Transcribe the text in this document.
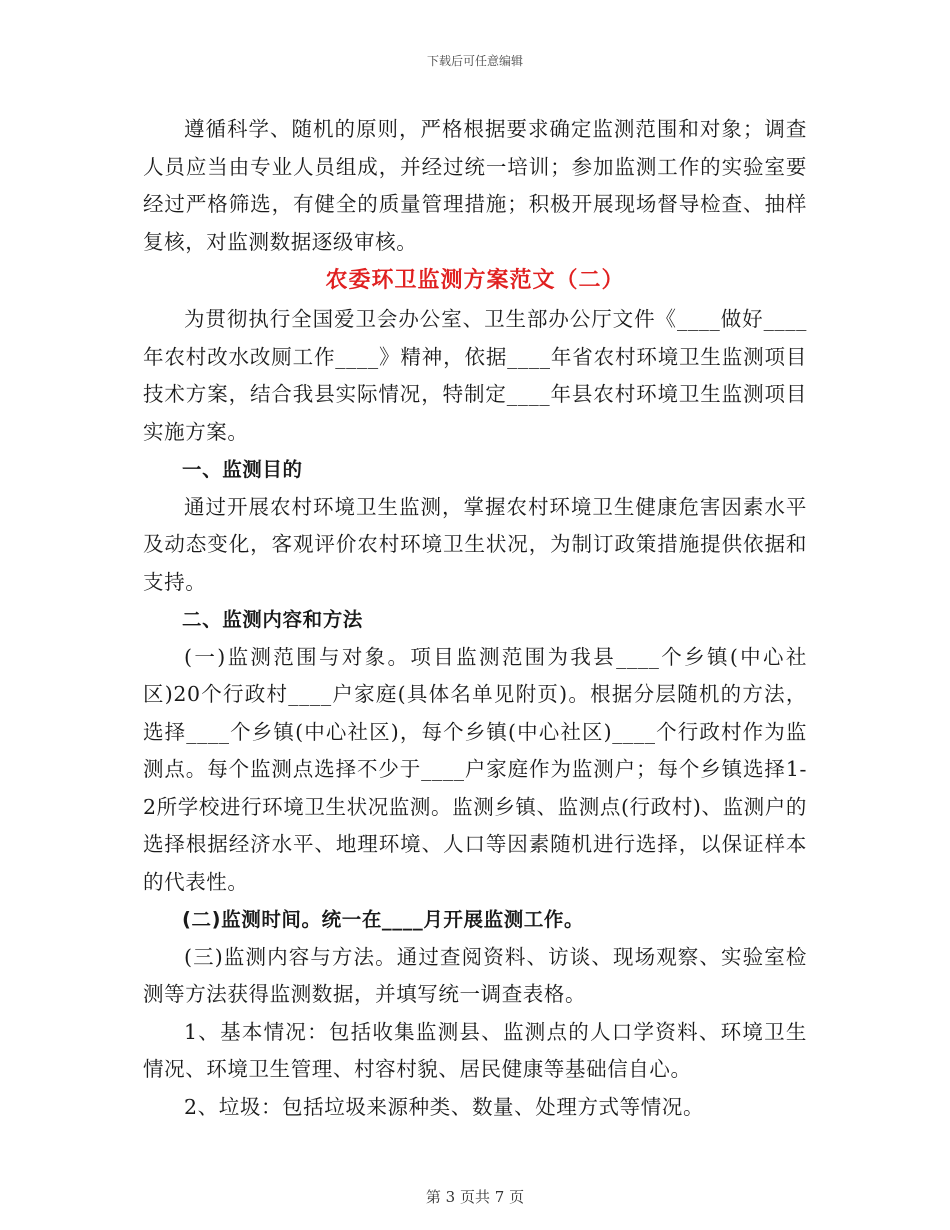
下载后可任意编辑

遵循科学、随机的原则，严格根据要求确定监测范围和对象；调查人员应当由专业人员组成，并经过统一培训；参加监测工作的实验室要经过严格筛选，有健全的质量管理措施；积极开展现场督导检查、抽样复核，对监测数据逐级审核。

农委环卫监测方案范文（二）

为贯彻执行全国爱卫会办公室、卫生部办公厅文件《____做好____年农村改水改厕工作____》精神，依据____年省农村环境卫生监测项目技术方案，结合我县实际情况，特制定____年县农村环境卫生监测项目实施方案。

一、监测目的

通过开展农村环境卫生监测，掌握农村环境卫生健康危害因素水平及动态变化，客观评价农村环境卫生状况，为制订政策措施提供依据和支持。

二、监测内容和方法

(一)监测范围与对象。项目监测范围为我县____个乡镇(中心社区)20个行政村____户家庭(具体名单见附页)。根据分层随机的方法，选择____个乡镇(中心社区)，每个乡镇(中心社区)____个行政村作为监测点。每个监测点选择不少于____户家庭作为监测户；每个乡镇选择1-2所学校进行环境卫生状况监测。监测乡镇、监测点(行政村)、监测户的选择根据经济水平、地理环境、人口等因素随机进行选择，以保证样本的代表性。

(二)监测时间。统一在____月开展监测工作。

(三)监测内容与方法。通过查阅资料、访谈、现场观察、实验室检测等方法获得监测数据，并填写统一调查表格。

1、基本情况：包括收集监测县、监测点的人口学资料、环境卫生情况、环境卫生管理、村容村貌、居民健康等基础信自心。

2、垃圾：包括垃圾来源种类、数量、处理方式等情况。

第 3 页共 7 页
